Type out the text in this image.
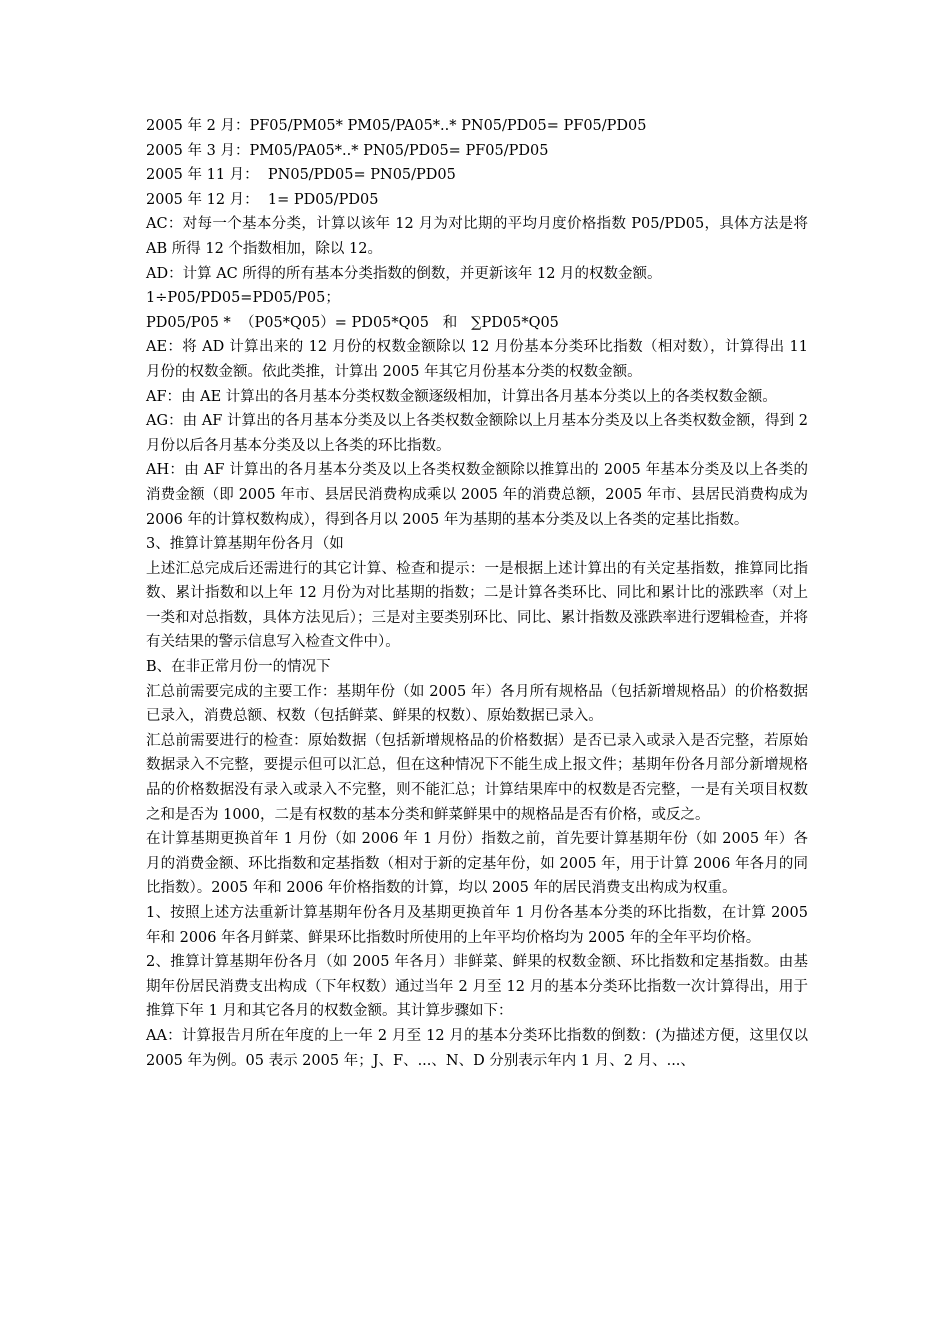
2005 年 2 月：PF05/PM05* PM05/PA05*..* PN05/PD05= PF05/PD05

2005 年 3 月：PM05/PA05*..* PN05/PD05= PF05/PD05

2005 年 11 月：  PN05/PD05= PN05/PD05

2005 年 12 月：  1= PD05/PD05

AC：对每一个基本分类，计算以该年 12 月为对比期的平均月度价格指数 P05/PD05，具体方法是将 AB 所得 12 个指数相加，除以 12。

AD：计算 AC 所得的所有基本分类指数的倒数，并更新该年 12 月的权数金额。

1÷P05/PD05=PD05/P05；

PD05/P05 *  （P05*Q05）= PD05*Q05   和   ∑PD05*Q05

AE：将 AD 计算出来的 12 月份的权数金额除以 12 月份基本分类环比指数（相对数），计算得出 11 月份的权数金额。依此类推，计算出 2005 年其它月份基本分类的权数金额。

AF：由 AE 计算出的各月基本分类权数金额逐级相加，计算出各月基本分类以上的各类权数金额。

AG：由 AF 计算出的各月基本分类及以上各类权数金额除以上月基本分类及以上各类权数金额，得到 2 月份以后各月基本分类及以上各类的环比指数。

AH：由 AF 计算出的各月基本分类及以上各类权数金额除以推算出的 2005 年基本分类及以上各类的消费金额（即 2005 年市、县居民消费构成乘以 2005 年的消费总额，2005 年市、县居民消费构成为 2006 年的计算权数构成），得到各月以 2005 年为基期的基本分类及以上各类的定基比指数。

3、推算计算基期年份各月（如

上述汇总完成后还需进行的其它计算、检查和提示：一是根据上述计算出的有关定基指数，推算同比指数、累计指数和以上年 12 月份为对比基期的指数；二是计算各类环比、同比和累计比的涨跌率（对上一类和对总指数，具体方法见后）；三是对主要类别环比、同比、累计指数及涨跌率进行逻辑检查，并将有关结果的警示信息写入检查文件中）。

B、在非正常月份一的情况下

汇总前需要完成的主要工作：基期年份（如 2005 年）各月所有规格品（包括新增规格品）的价格数据已录入，消费总额、权数（包括鲜菜、鲜果的权数）、原始数据已录入。

汇总前需要进行的检查：原始数据（包括新增规格品的价格数据）是否已录入或录入是否完整，若原始数据录入不完整，要提示但可以汇总，但在这种情况下不能生成上报文件；基期年份各月部分新增规格品的价格数据没有录入或录入不完整，则不能汇总；计算结果库中的权数是否完整，一是有关项目权数之和是否为 1000，二是有权数的基本分类和鲜菜鲜果中的规格品是否有价格，或反之。

在计算基期更换首年 1 月份（如 2006 年 1 月份）指数之前，首先要计算基期年份（如 2005 年）各月的消费金额、环比指数和定基指数（相对于新的定基年份，如 2005 年，用于计算 2006 年各月的同比指数）。2005 年和 2006 年价格指数的计算，均以 2005 年的居民消费支出构成为权重。

1、按照上述方法重新计算基期年份各月及基期更换首年 1 月份各基本分类的环比指数，在计算 2005 年和 2006 年各月鲜菜、鲜果环比指数时所使用的上年平均价格均为 2005 年的全年平均价格。

2、推算计算基期年份各月（如 2005 年各月）非鲜菜、鲜果的权数金额、环比指数和定基指数。由基期年份居民消费支出构成（下年权数）通过当年 2 月至 12 月的基本分类环比指数一次计算得出，用于推算下年 1 月和其它各月的权数金额。其计算步骤如下：

AA：计算报告月所在年度的上一年 2 月至 12 月的基本分类环比指数的倒数：(为描述方便，这里仅以 2005 年为例。05 表示 2005 年；J、F、...、N、D 分别表示年内 1 月、2 月、...、
